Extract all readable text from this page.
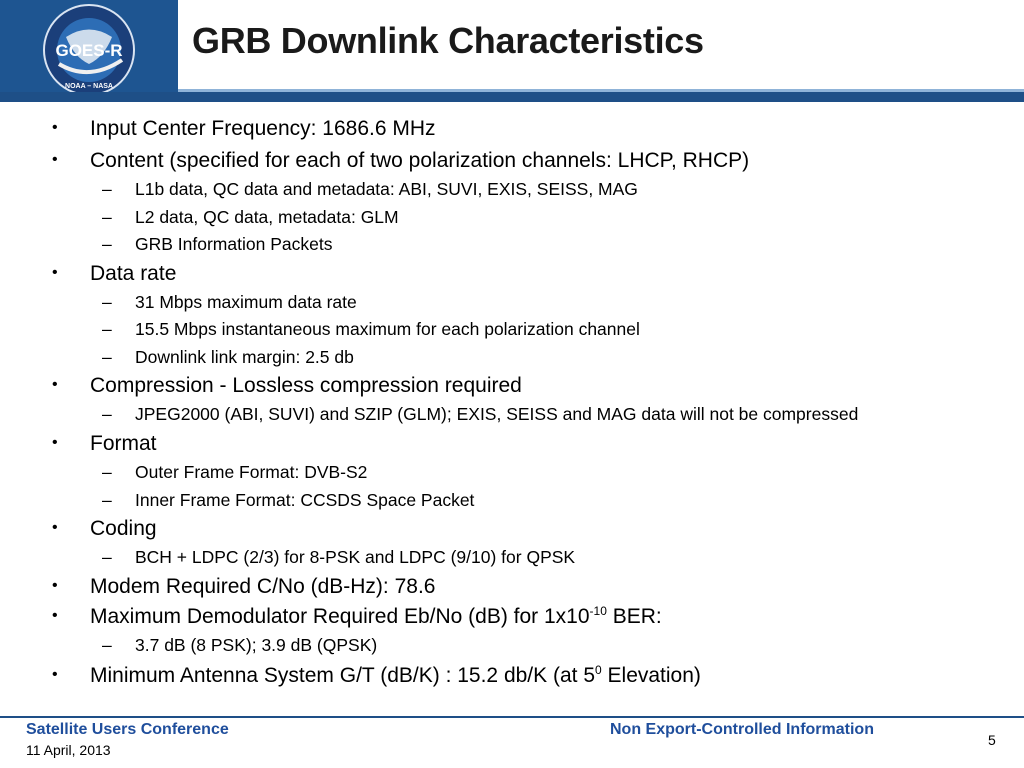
GOES-R
NOAA – NASA
GRB Downlink Characteristics
• Input Center Frequency: 1686.6 MHz
• Content (specified for each of two polarization channels: LHCP, RHCP)
– L1b data, QC data and metadata: ABI, SUVI, EXIS, SEISS, MAG
– L2 data, QC data, metadata: GLM
– GRB Information Packets
• Data rate
– 31 Mbps maximum data rate
– 15.5 Mbps instantaneous maximum for each polarization channel
– Downlink link margin: 2.5 db
• Compression - Lossless compression required
– JPEG2000 (ABI, SUVI) and SZIP (GLM); EXIS, SEISS and MAG data will not be compressed
• Format
– Outer Frame Format: DVB-S2
– Inner Frame Format: CCSDS Space Packet
• Coding
– BCH + LDPC (2/3) for 8-PSK and LDPC (9/10) for QPSK
• Modem Required C/No (dB-Hz): 78.6
• Maximum Demodulator Required Eb/No (dB) for $1x10^{-10}$ BER:
– 3.7 dB (8 PSK); 3.9 dB (QPSK)
• Minimum Antenna System G/T (dB/K) : 15.2 db/K (at $5^0$ Elevation)
Satellite Users Conference
11 April, 2013
Non Export-Controlled Information
5
